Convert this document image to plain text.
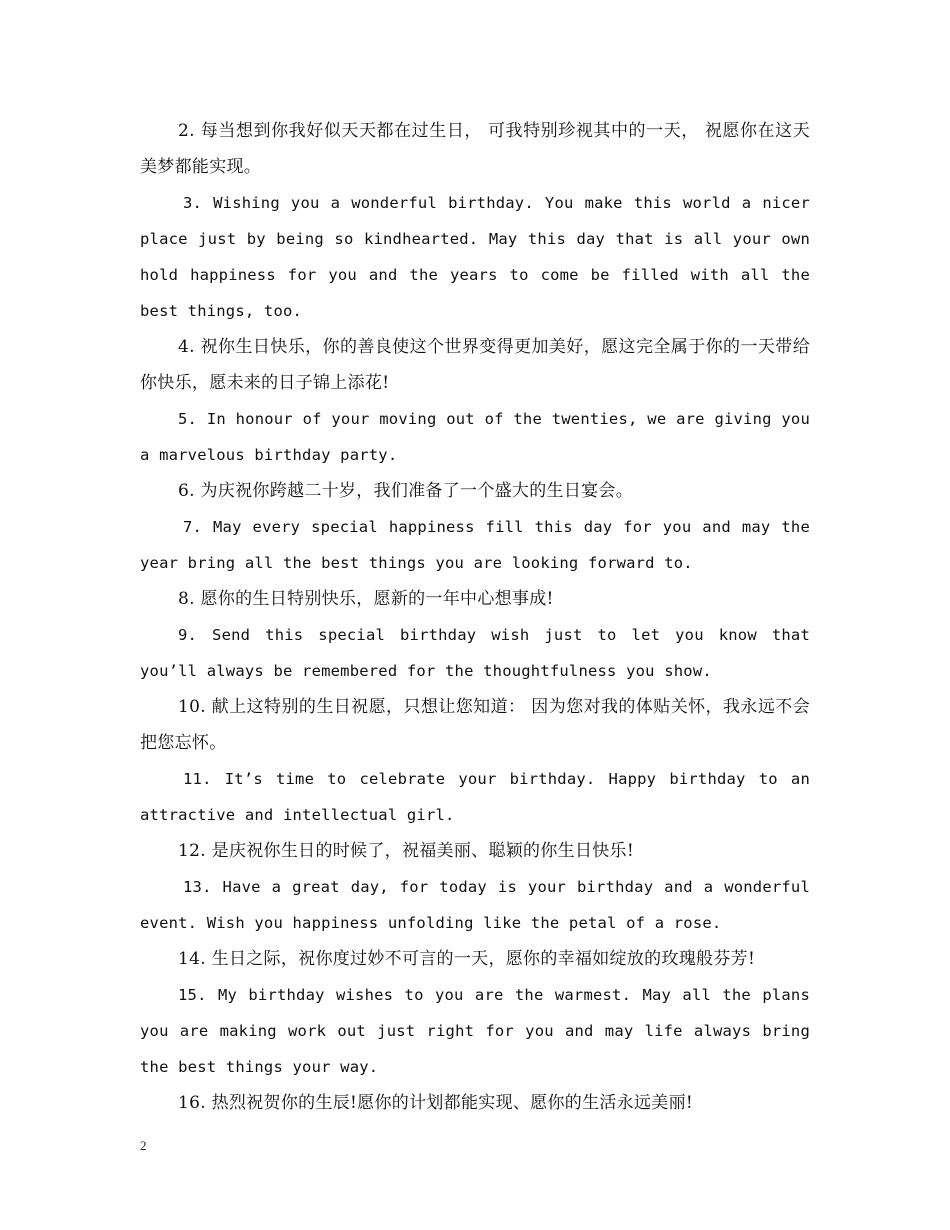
2. 每当想到你我好似天天都在过生日， 可我特别珍视其中的一天， 祝愿你在这天美梦都能实现。

3. Wishing you a wonderful birthday. You make this world a nicer place just by being so kindhearted. May this day that is all your own hold happiness for you and the years to come be filled with all the best things, too.

4. 祝你生日快乐，你的善良使这个世界变得更加美好，愿这完全属于你的一天带给你快乐，愿未来的日子锦上添花!

5. In honour of your moving out of the twenties, we are giving you a marvelous birthday party.

6. 为庆祝你跨越二十岁，我们准备了一个盛大的生日宴会。

7. May every special happiness fill this day for you and may the year bring all the best things you are looking forward to.

8. 愿你的生日特别快乐，愿新的一年中心想事成!

9. Send this special birthday wish just to let you know that you’ll always be remembered for the thoughtfulness you show.

10. 献上这特别的生日祝愿，只想让您知道： 因为您对我的体贴关怀，我永远不会把您忘怀。

11. It’s time to celebrate your birthday. Happy birthday to an attractive and intellectual girl.

12. 是庆祝你生日的时候了，祝福美丽、聪颖的你生日快乐!

13. Have a great day, for today is your birthday and a wonderful event. Wish you happiness unfolding like the petal of a rose.

14. 生日之际，祝你度过妙不可言的一天，愿你的幸福如绽放的玫瑰般芬芳!

15. My birthday wishes to you are the warmest. May all the plans you are making work out just right for you and may life always bring the best things your way.

16. 热烈祝贺你的生辰!愿你的计划都能实现、愿你的生活永远美丽!

2
